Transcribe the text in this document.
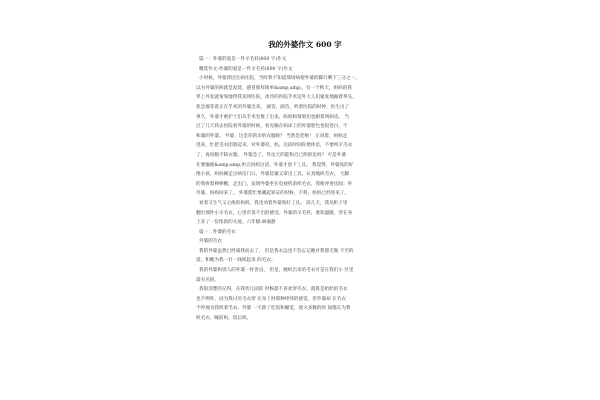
我的外婆作文 600 字
篇一：外婆的爱是一件羊毛衫(600 字)作文
精选作文:外婆的爱是一件羊毛衫(600 字)作文
小时候，外婆曾因生病住院，当时我不知道那场病使外婆的脚只剩下三分之一，
以为外婆的病就是发烧，感冒那样简单&amp;amp;。有一个秋天，妈妈的我
穿上外套就匆匆地带我来到医院，冰冷的医院手术室外大人们紧张地握着拳头，
焦急地等着正在手术的外婆出来。 滴答，滴答，听着医院的时钟，医生出了
事久，外婆才被护士们从手术室推了出来，妈妈和舅舅们也跟着到病房。 当
过了几天我去医院看外婆的时候，看见躺在病床上的外婆脸色也很苍白，不
和蔼的外婆。 外婆，这是你的亲的衣服呀？ 当然是您啦！ 正说着，妈妈走
进来，忙把毛衣团收起来，对外婆说，妈，这段时间你要休息，不要织羊毛衣
了，再说她不缺衣服。 外婆急了，外边天的能和自己织的比吗？ 可是外婆
在要输液&amp;amp;听完妈妈这话，外婆才放下工具。 我觉得，外婆真的好
像小孩，妈妈刚走出病房门口，外婆赶紧又拿出工具，认真地织毛衣。 天脚
的我拆着棒棒糖，走出门，发现外婆坐在电视机前织毛衣，我便冲进房间：外
外婆，妈妈回来了。 外婆慌忙要藏起罪证的时候，不料，妈妈已经进来了。
看着又生气又心疼的妈妈，我也劝着外婆收好工具。 前几天，我从柜子里
翻出那件小羊毛衣，心里有说不出的感受。外婆的羊毛衫，柔软温暖，穿在身
上多了一份浓浓的关爱。六年级:林嘉静
篇一：外婆的毛衣
外婆的毛衣
我的外婆虽然已经离我而去了， 但是我永远也不会忘记她对我那无微 不至的
爱，和她为我一针一线织起来 的毛衣。
我的外婆和别人的外婆一样善良， 但是，她织出来的毛衣可是在我们小 区里
最有名的。
我很清楚的记得，在我幼儿园的 时候最不喜欢穿毛衣，就算是奶奶的毛衣
也不例外，因为我讨厌毛衣穿 在身上时那种痒痒的感觉，但外婆却 在毛衣
不停地为我织着毛衣。外婆 一天除了吃饭和睡觉，他大多数的时 间都在为我
织毛衣，睡前织，饭后织。
